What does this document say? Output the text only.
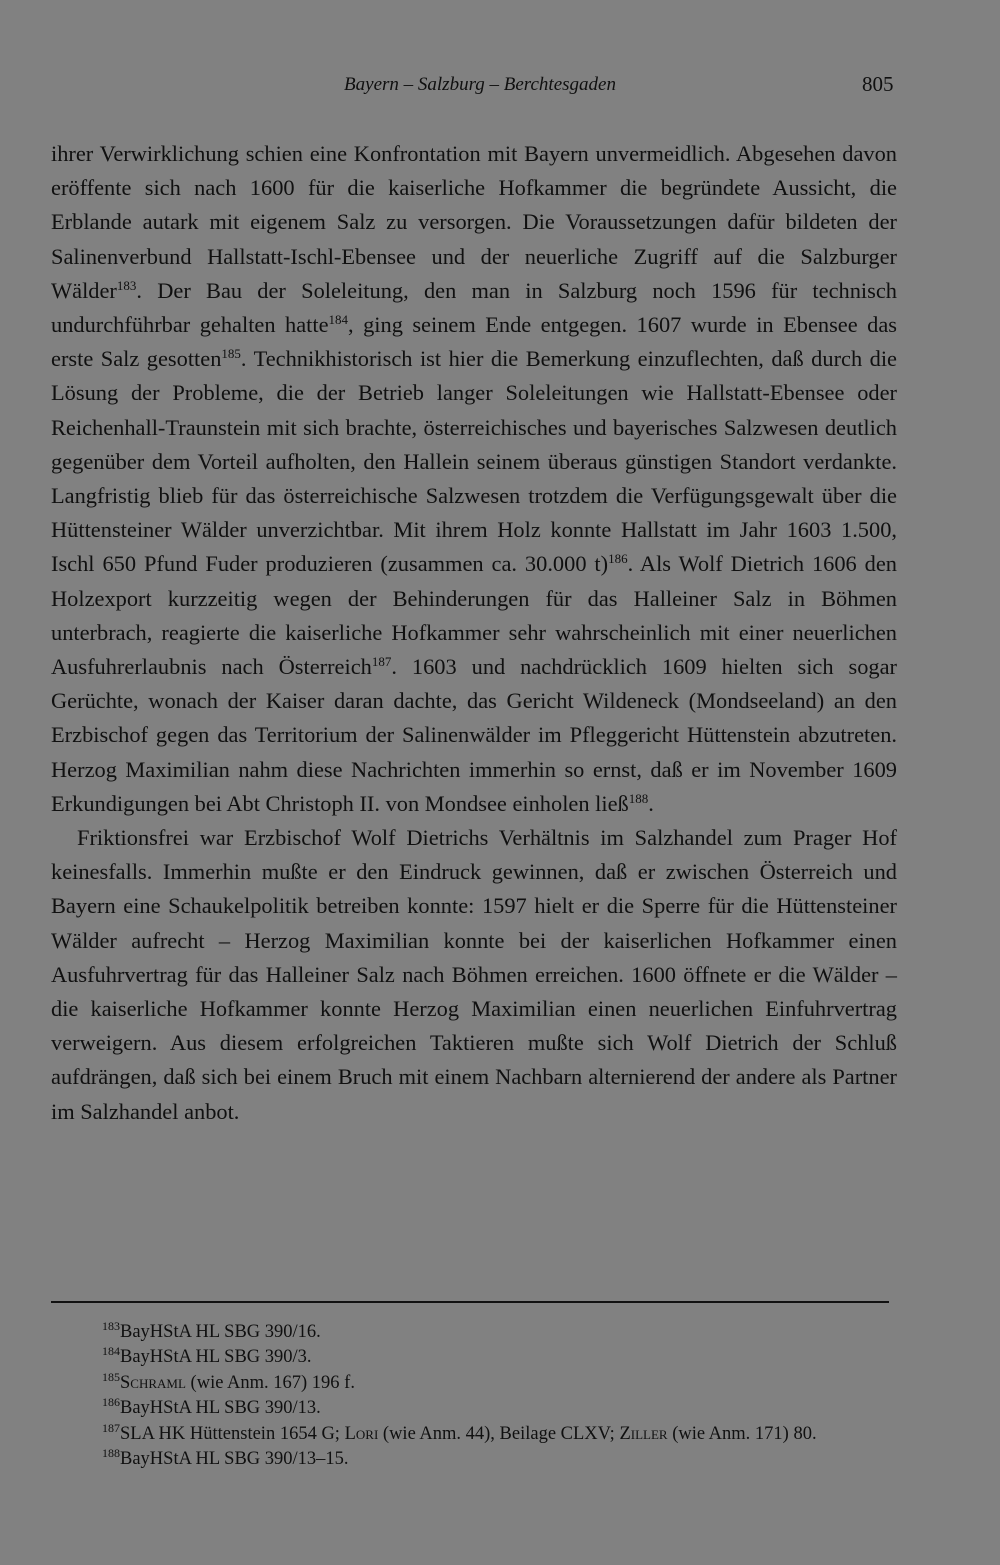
Bayern – Salzburg – Berchtesgaden	805

ihrer Verwirklichung schien eine Konfrontation mit Bayern unvermeidlich. Abgesehen davon eröffente sich nach 1600 für die kaiserliche Hofkammer die begründete Aussicht, die Erblande autark mit eigenem Salz zu versorgen. Die Voraussetzungen dafür bildeten der Salinenverbund Hallstatt-Ischl-Ebensee und der neuerliche Zugriff auf die Salzburger Wälder$^{183}$. Der Bau der Soleleitung, den man in Salzburg noch 1596 für technisch undurchführbar gehalten hatte$^{184}$, ging seinem Ende entgegen. 1607 wurde in Ebensee das erste Salz gesotten$^{185}$. Technikhistorisch ist hier die Bemerkung einzuflechten, daß durch die Lösung der Probleme, die der Betrieb langer Soleleitungen wie Hallstatt-Ebensee oder Reichenhall-Traunstein mit sich brachte, österreichisches und bayerisches Salzwesen deutlich gegenüber dem Vorteil aufholten, den Hallein seinem überaus günstigen Standort verdankte. Langfristig blieb für das österreichische Salzwesen trotzdem die Verfügungsgewalt über die Hüttensteiner Wälder unverzichtbar. Mit ihrem Holz konnte Hallstatt im Jahr 1603 1.500, Ischl 650 Pfund Fuder produzieren (zusammen ca. 30.000 t)$^{186}$. Als Wolf Dietrich 1606 den Holzexport kurzzeitig wegen der Behinderungen für das Halleiner Salz in Böhmen unterbrach, reagierte die kaiserliche Hofkammer sehr wahrscheinlich mit einer neuerlichen Ausfuhrerlaubnis nach Österreich$^{187}$. 1603 und nachdrücklich 1609 hielten sich sogar Gerüchte, wonach der Kaiser daran dachte, das Gericht Wildeneck (Mondseeland) an den Erzbischof gegen das Territorium der Salinenwälder im Pfleggericht Hüttenstein abzutreten. Herzog Maximilian nahm diese Nachrichten immerhin so ernst, daß er im November 1609 Erkundigungen bei Abt Christoph II. von Mondsee einholen ließ$^{188}$.

Friktionsfrei war Erzbischof Wolf Dietrichs Verhältnis im Salzhandel zum Prager Hof keinesfalls. Immerhin mußte er den Eindruck gewinnen, daß er zwischen Österreich und Bayern eine Schaukelpolitik betreiben konnte: 1597 hielt er die Sperre für die Hüttensteiner Wälder aufrecht – Herzog Maximilian konnte bei der kaiserlichen Hofkammer einen Ausfuhrvertrag für das Halleiner Salz nach Böhmen erreichen. 1600 öffnete er die Wälder – die kaiserliche Hofkammer konnte Herzog Maximilian einen neuerlichen Einfuhrvertrag verweigern. Aus diesem erfolgreichen Taktieren mußte sich Wolf Dietrich der Schluß aufdrängen, daß sich bei einem Bruch mit einem Nachbarn alternierend der andere als Partner im Salzhandel anbot.

183BayHStA HL SBG 390/16.

184BayHStA HL SBG 390/3.

185Schraml (wie Anm. 167) 196 f.

186BayHStA HL SBG 390/13.

187SLA HK Hüttenstein 1654 G; Lori (wie Anm. 44), Beilage CLXV; Ziller (wie Anm. 171) 80.

188BayHStA HL SBG 390/13–15.
